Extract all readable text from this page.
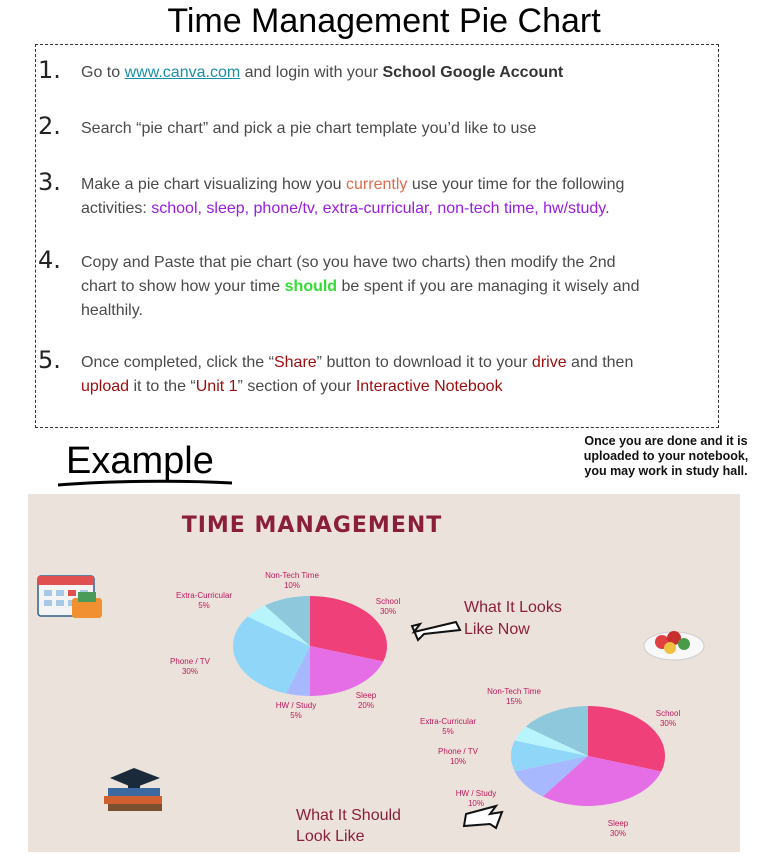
Time Management Pie Chart
1. Go to www.canva.com and login with your School Google Account
2. Search “pie chart” and pick a pie chart template you’d like to use
3. Make a pie chart visualizing how you currently use your time for the following
activities: school, sleep, phone/tv, extra-curricular, non-tech time, hw/study.
4. Copy and Paste that pie chart (so you have two charts) then modify the 2nd
chart to show how your time should be spent if you are managing it wisely and
healthily.
5. Once completed, click the “Share” button to download it to your drive and then
upload it to the “Unit 1” section of your Interactive Notebook
Example	Once you are done and it is
uploaded to your notebook,
you may work in study hall.
TIME MANAGEMENT
What It Looks
Like Now
What It Should
Look Like
School
30%
Sleep
20%
HW / Study
5%
Phone / TV
30%
Extra-Curricular
5%
Non-Tech Time
10%
School
30%
Sleep
30%
HW / Study
10%
Phone / TV
10%
Extra-Curricular
5%
Non-Tech Time
15%
